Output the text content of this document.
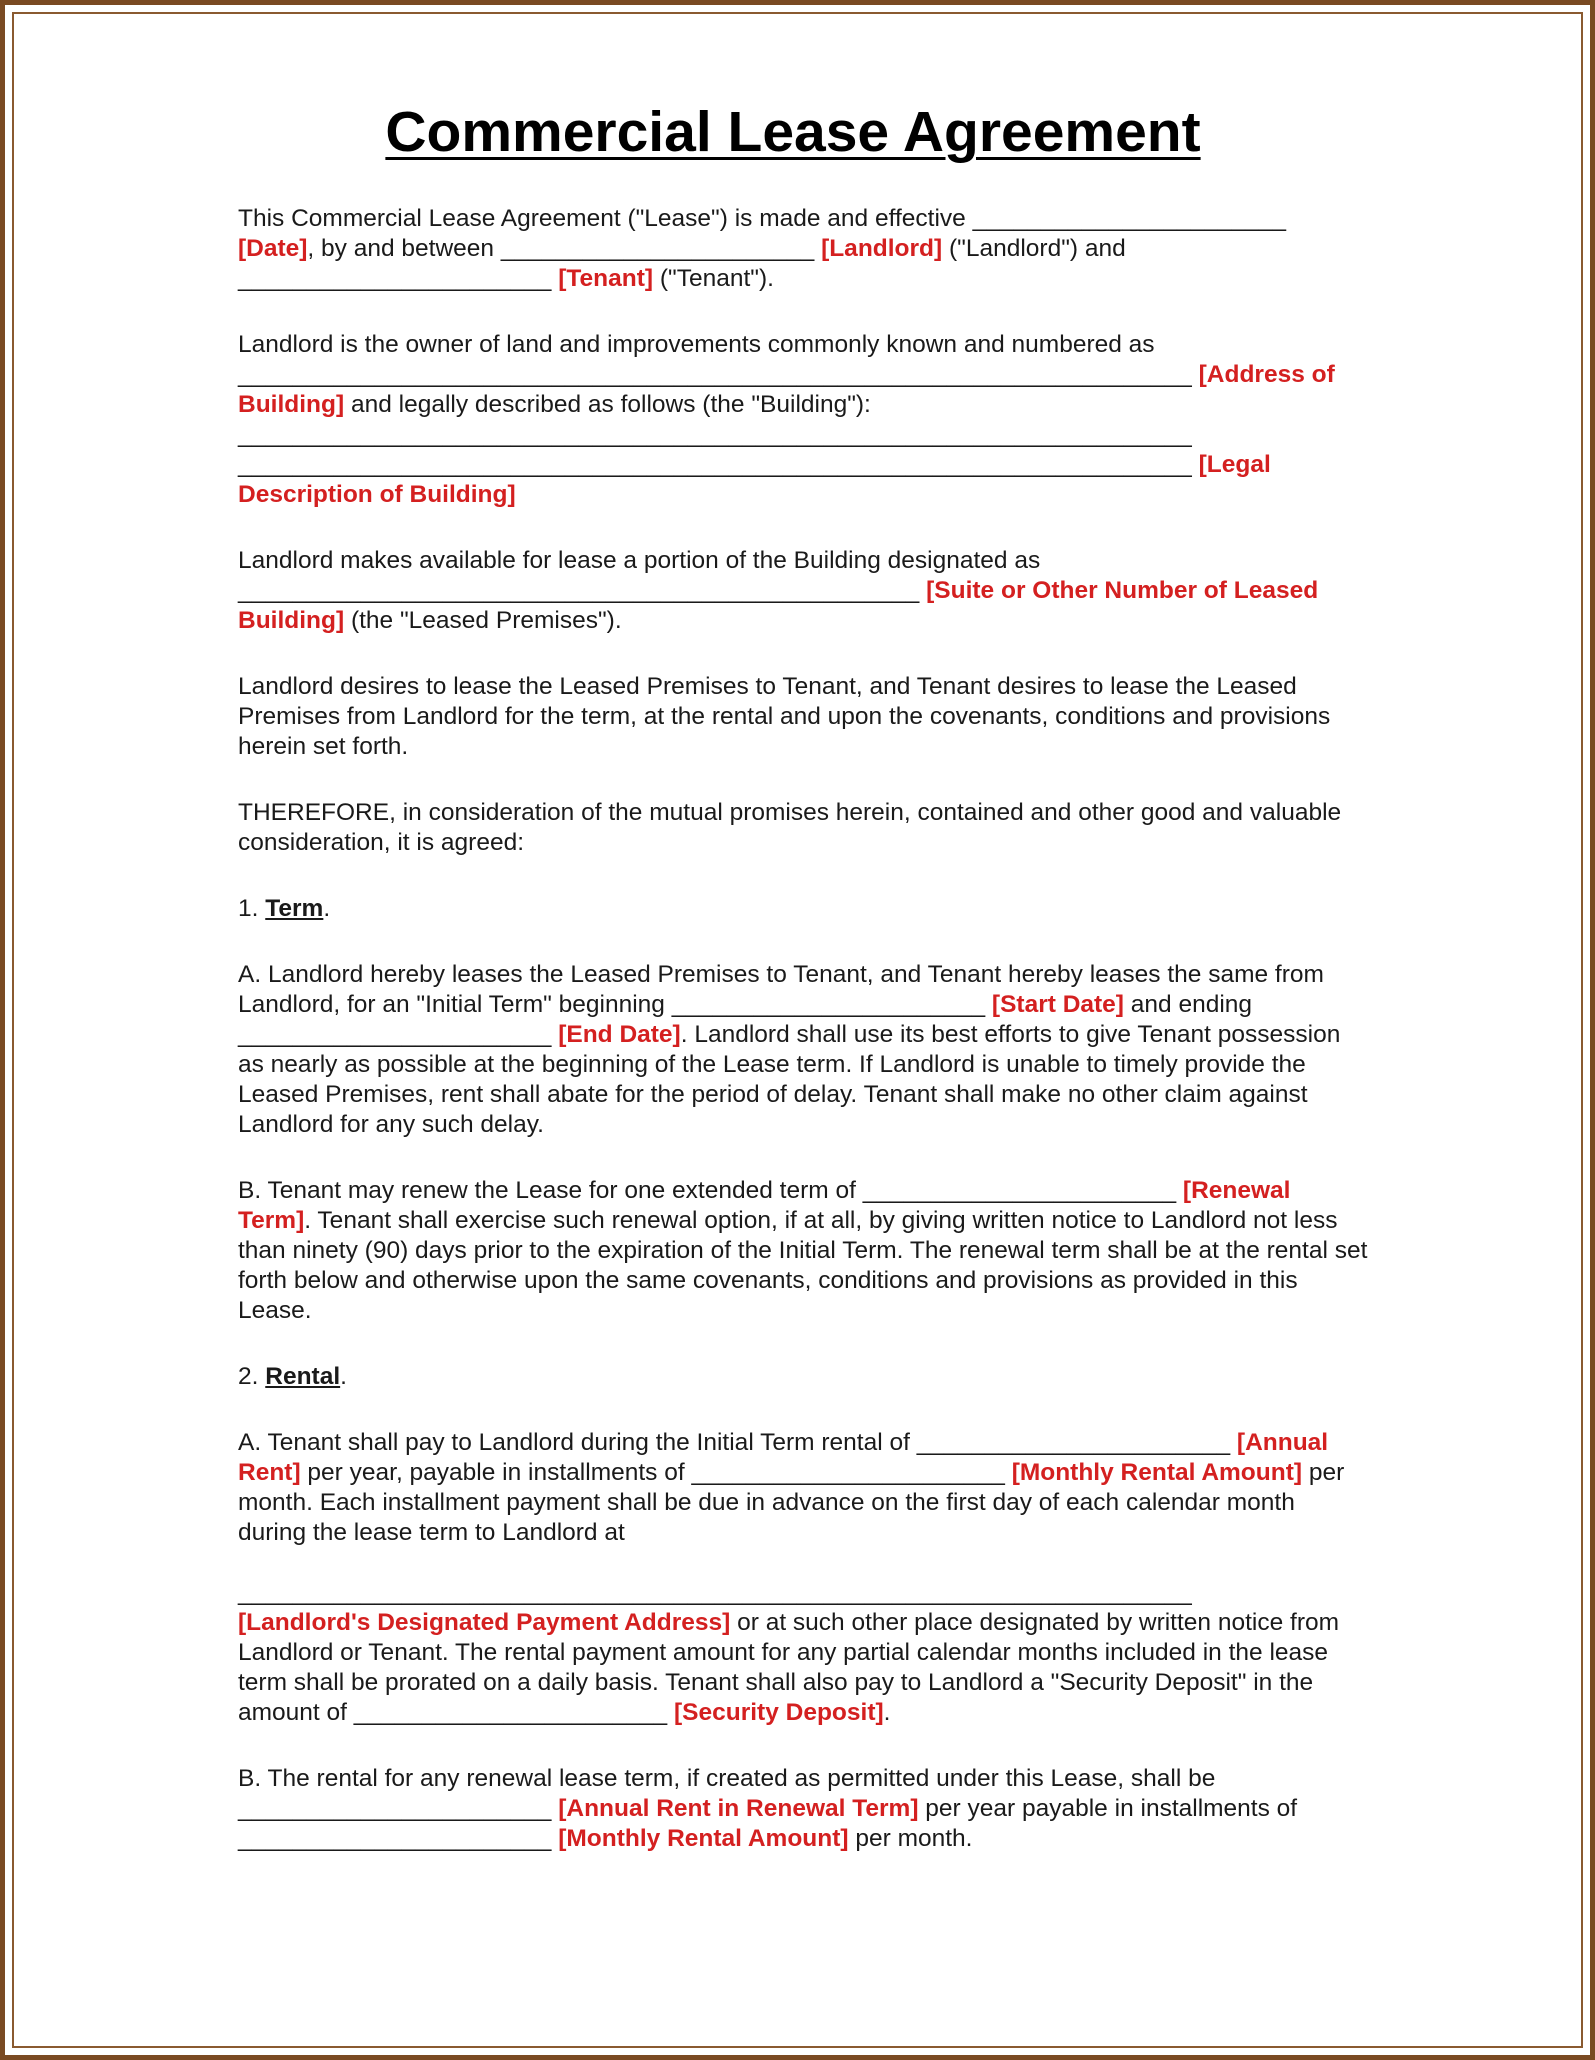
Commercial Lease Agreement

This Commercial Lease Agreement ("Lease") is made and effective _______________________ [Date], by and between _______________________ [Landlord] ("Landlord") and
_______________________ [Tenant] ("Tenant").

Landlord is the owner of land and improvements commonly known and numbered as
______________________________________________________________________ [Address of Building] and legally described as follows (the "Building"):
______________________________________________________________________
______________________________________________________________________ [Legal Description of Building]

Landlord makes available for lease a portion of the Building designated as
__________________________________________________ [Suite or Other Number of Leased Building] (the "Leased Premises").

Landlord desires to lease the Leased Premises to Tenant, and Tenant desires to lease the Leased Premises from Landlord for the term, at the rental and upon the covenants, conditions and provisions herein set forth.

THEREFORE, in consideration of the mutual promises herein, contained and other good and valuable consideration, it is agreed:

1. Term.

A. Landlord hereby leases the Leased Premises to Tenant, and Tenant hereby leases the same from Landlord, for an "Initial Term" beginning _______________________ [Start Date] and ending _______________________ [End Date]. Landlord shall use its best efforts to give Tenant possession as nearly as possible at the beginning of the Lease term. If Landlord is unable to timely provide the Leased Premises, rent shall abate for the period of delay. Tenant shall make no other claim against Landlord for any such delay.

B. Tenant may renew the Lease for one extended term of _______________________ [Renewal Term]. Tenant shall exercise such renewal option, if at all, by giving written notice to Landlord not less than ninety (90) days prior to the expiration of the Initial Term. The renewal term shall be at the rental set forth below and otherwise upon the same covenants, conditions and provisions as provided in this Lease.

2. Rental.

A. Tenant shall pay to Landlord during the Initial Term rental of _______________________ [Annual Rent] per year, payable in installments of _______________________ [Monthly Rental Amount] per month. Each installment payment shall be due in advance on the first day of each calendar month during the lease term to Landlord at

______________________________________________________________________
[Landlord's Designated Payment Address] or at such other place designated by written notice from Landlord or Tenant. The rental payment amount for any partial calendar months included in the lease term shall be prorated on a daily basis. Tenant shall also pay to Landlord a "Security Deposit" in the amount of _______________________ [Security Deposit].

B. The rental for any renewal lease term, if created as permitted under this Lease, shall be
_______________________ [Annual Rent in Renewal Term] per year payable in installments of _______________________ [Monthly Rental Amount] per month.
